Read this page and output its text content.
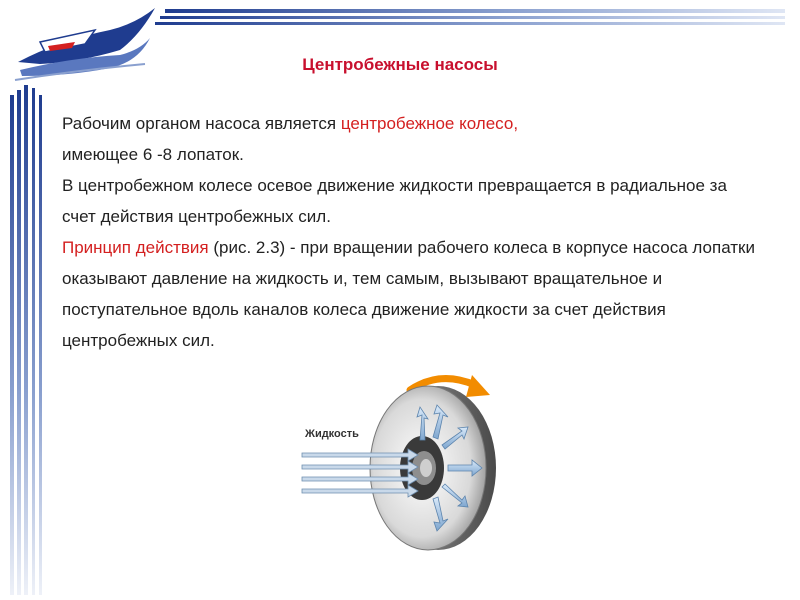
Центробежные насосы

Рабочим органом насоса является центробежное колесо,
имеющее 6 -8 лопаток.

В центробежном колесе осевое движение жидкости превращается в радиальное за счет действия центробежных сил.

Принцип действия (рис. 2.3) - при вращении рабочего колеса в корпусе насоса лопатки оказывают давление на жидкость и, тем самым, вызывают вращательное и поступательное вдоль каналов колеса движение жидкости за счет действия центробежных сил.

Жидкость
